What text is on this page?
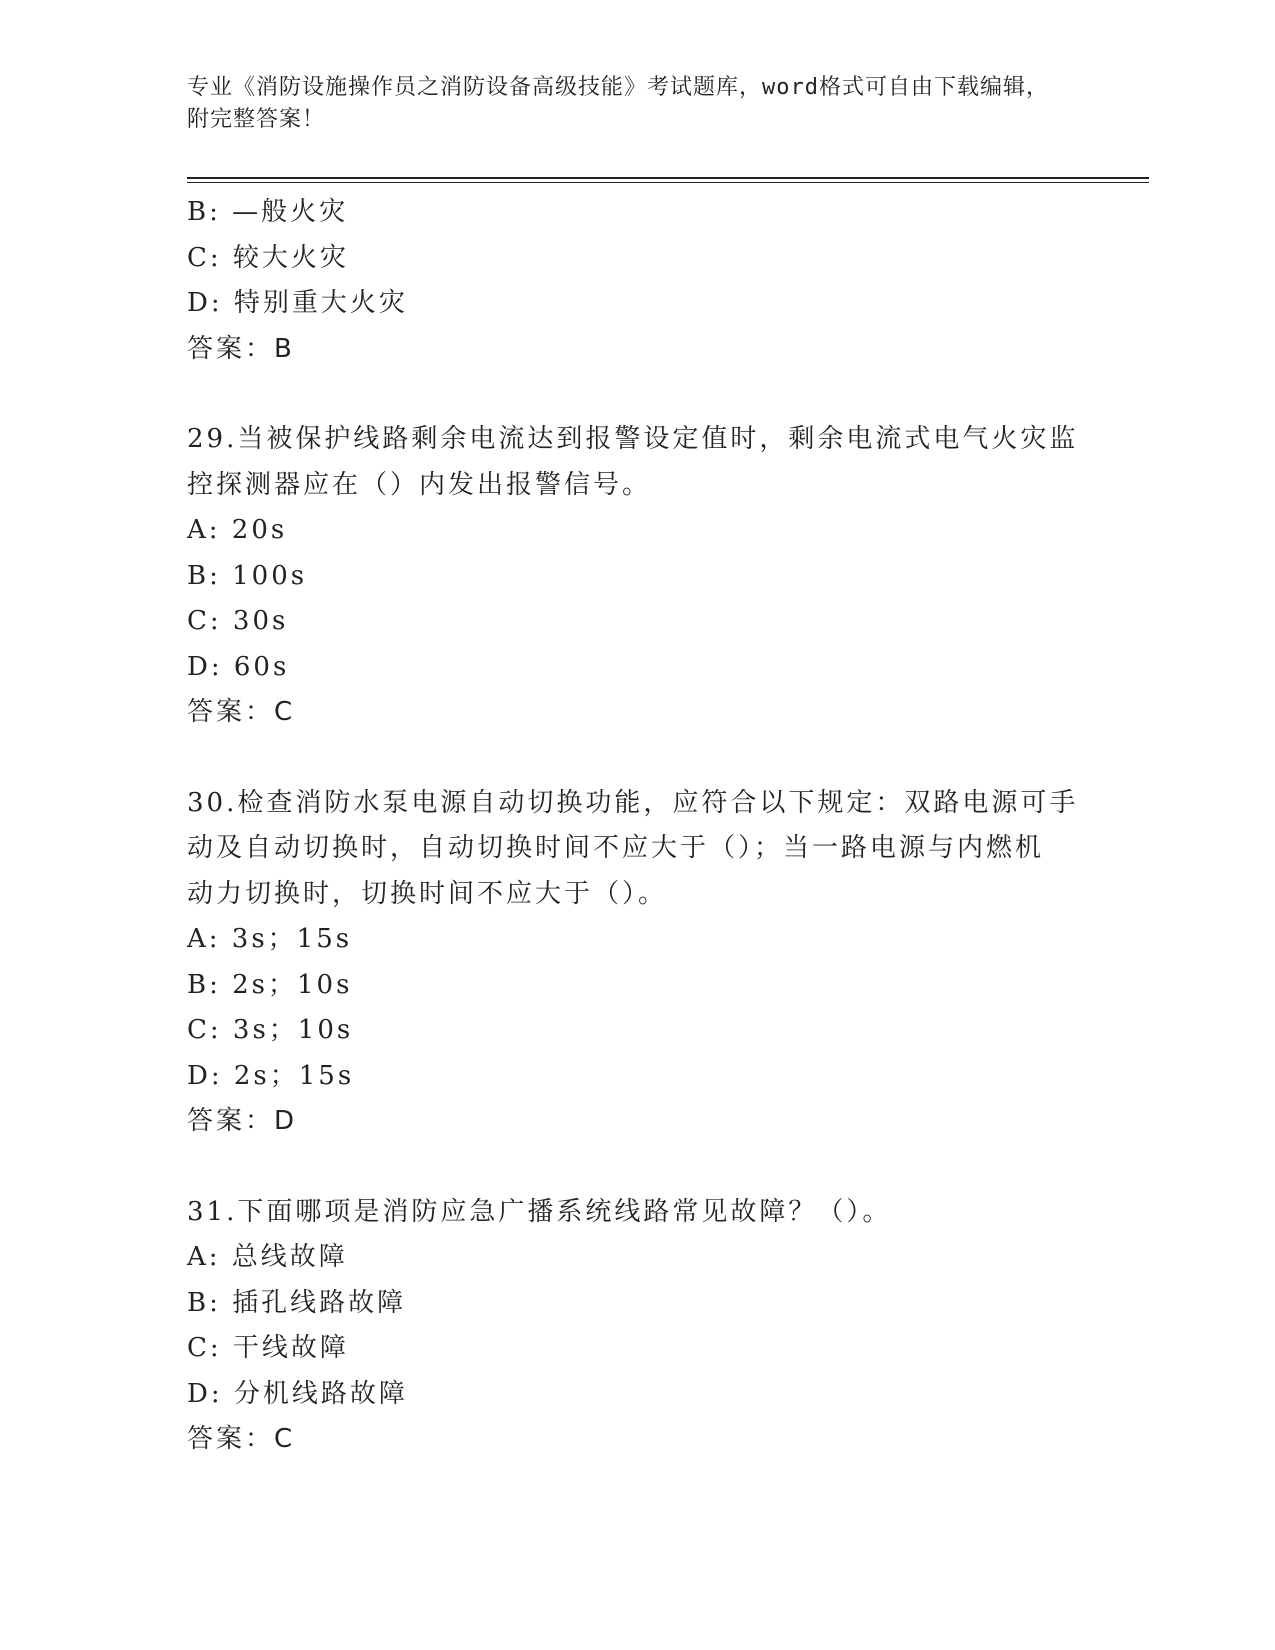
专业《消防设施操作员之消防设备高级技能》考试题库，word格式可自由下载编辑，附完整答案！
B: —般火灾
C: 较大火灾
D: 特别重大火灾
答案：B
29.当被保护线路剩余电流达到报警设定值时，剩余电流式电气火灾监
控探测器应在（）内发出报警信号。
A: 20s
B: 100s
C: 30s
D: 60s
答案：C
30.检查消防水泵电源自动切换功能，应符合以下规定：双路电源可手
动及自动切换时，自动切换时间不应大于（）；当一路电源与内燃机
动力切换时，切换时间不应大于（）。
A: 3s；15s
B: 2s；10s
C: 3s；10s
D: 2s；15s
答案：D
31.下面哪项是消防应急广播系统线路常见故障？（）。
A: 总线故障
B: 插孔线路故障
C: 干线故障
D: 分机线路故障
答案：C
